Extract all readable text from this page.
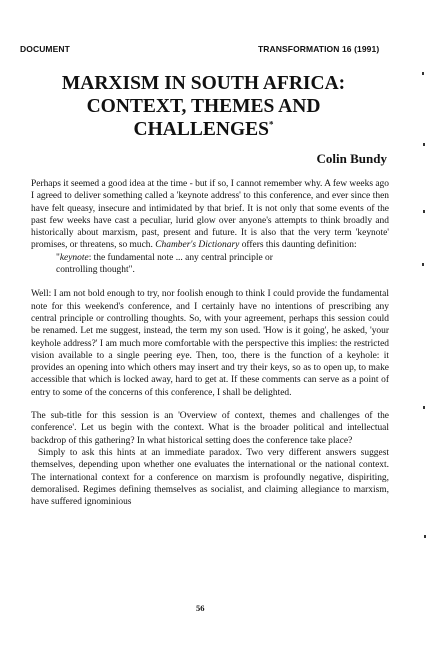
DOCUMENT	TRANSFORMATION 16 (1991)
MARXISM IN SOUTH AFRICA:
CONTEXT, THEMES AND
CHALLENGES*
Colin Bundy

Perhaps it seemed a good idea at the time - but if so, I cannot remember why. A few weeks ago I agreed to deliver something called a 'keynote address' to this conference, and ever since then have felt queasy, insecure and intimidated by that brief. It is not only that some events of the past few weeks have cast a peculiar, lurid glow over anyone's attempts to think broadly and historically about marxism, past, present and future. It is also that the very term 'keynote' promises, or threatens, so much. Chamber's Dictionary offers this daunting definition:

"keynote: the fundamental note ... any central principle or controlling thought".

Well: I am not bold enough to try, nor foolish enough to think I could provide the fundamental note for this weekend's conference, and I certainly have no intentions of prescribing any central principle or controlling thoughts. So, with your agreement, perhaps this session could be renamed. Let me suggest, instead, the term my son used. 'How is it going', he asked, 'your keyhole address?' I am much more comfortable with the perspective this implies: the restricted vision available to a single peering eye. Then, too, there is the function of a keyhole: it provides an opening into which others may insert and try their keys, so as to open up, to make accessible that which is locked away, hard to get at. If these comments can serve as a point of entry to some of the concerns of this conference, I shall be delighted.

The sub-title for this session is an 'Overview of context, themes and challenges of the conference'. Let us begin with the context. What is the broader political and intellectual backdrop of this gathering? In what historical setting does the conference take place?

Simply to ask this hints at an immediate paradox. Two very different answers suggest themselves, depending upon whether one evaluates the international or the national context. The international context for a conference on marxism is profoundly negative, dispiriting, demoralised. Regimes defining themselves as socialist, and claiming allegiance to marxism, have suffered ignominious

56
